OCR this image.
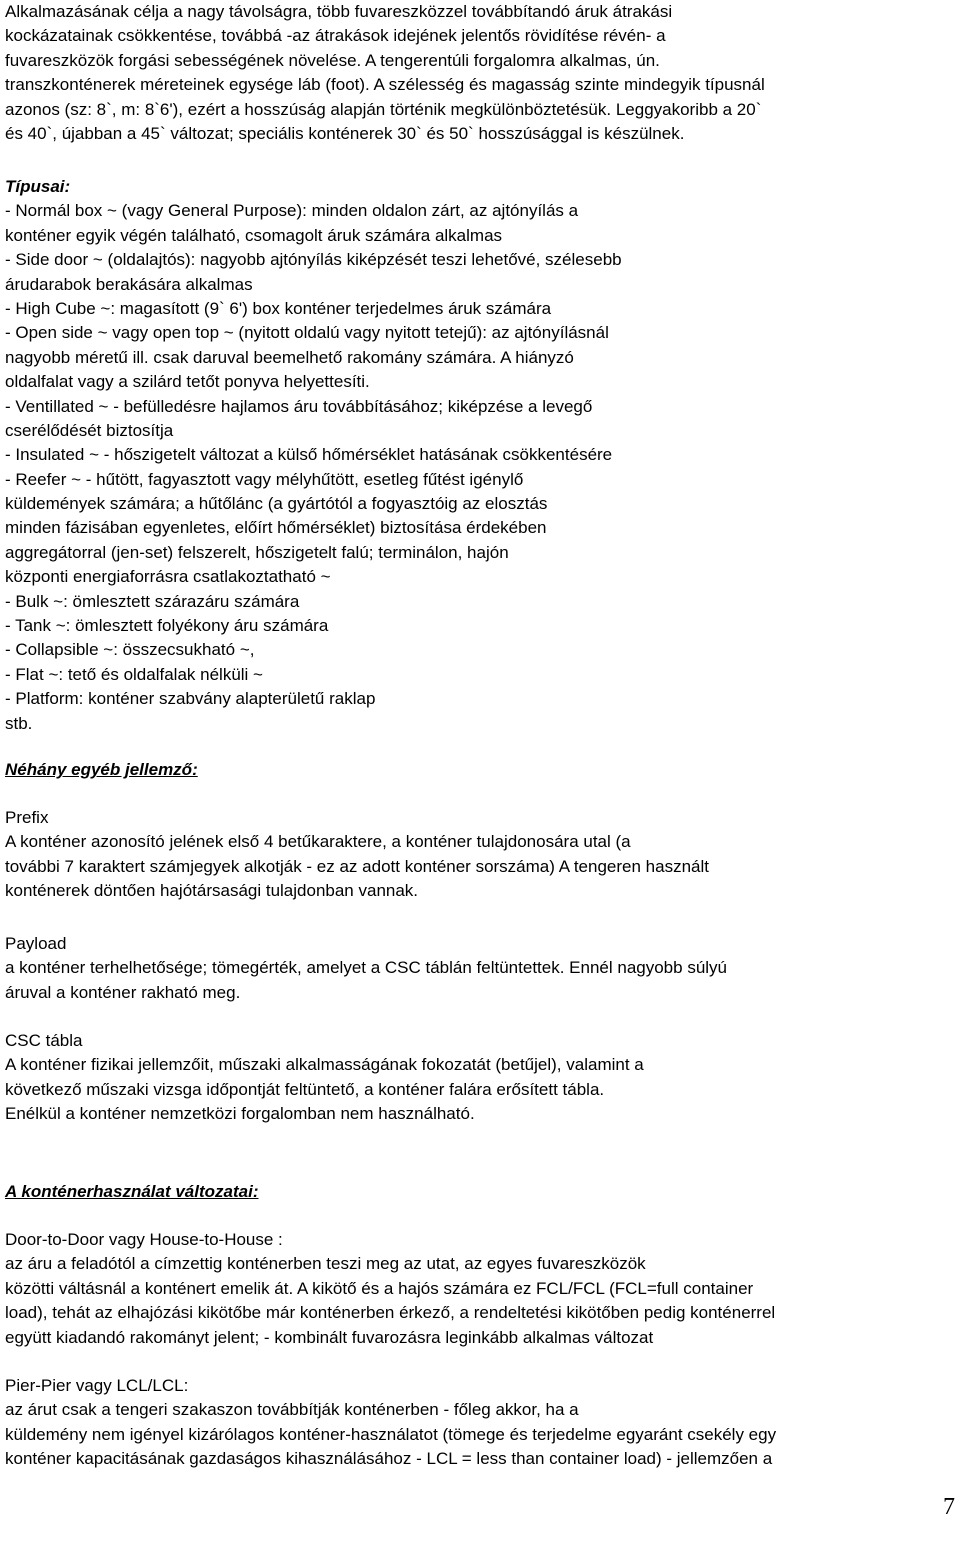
Alkalmazásának célja a nagy távolságra, több fuvareszközzel továbbítandó áruk átrakási
kockázatainak csökkentése, továbbá -az átrakások idejének jelentős rövidítése révén- a
fuvareszközök forgási sebességének növelése. A tengerentúli forgalomra alkalmas, ún.
transzkonténerek méreteinek egysége láb (foot). A szélesség és magasság szinte mindegyik típusnál
azonos (sz: 8`, m: 8`6'), ezért a hosszúság alapján történik megkülönböztetésük. Leggyakoribb a 20`
és 40`, újabban a 45` változat; speciális konténerek 30` és 50` hosszúsággal is készülnek.
Típusai:
- Normál box ~ (vagy General Purpose): minden oldalon zárt, az ajtónyílás a
konténer egyik végén található, csomagolt áruk számára alkalmas
- Side door ~ (oldalajtós): nagyobb ajtónyílás kiképzését teszi lehetővé, szélesebb
árudarabok berakására alkalmas
- High Cube ~: magasított (9` 6') box konténer terjedelmes áruk számára
- Open side ~ vagy open top ~ (nyitott oldalú vagy nyitott tetejű): az ajtónyílásnál
nagyobb méretű ill. csak daruval beemelhető rakomány számára. A hiányzó
oldalfalat vagy a szilárd tetőt ponyva helyettesíti.
- Ventillated ~ - befülledésre hajlamos áru továbbításához; kiképzése a levegő
cserélődését biztosítja
- Insulated ~ - hőszigetelt változat a külső hőmérséklet hatásának csökkentésére
- Reefer ~ - hűtött, fagyasztott vagy mélyhűtött, esetleg fűtést igénylő
küldemények számára; a hűtőlánc (a gyártótól a fogyasztóig az elosztás
minden fázisában egyenletes, előírt hőmérséklet) biztosítása érdekében
aggregátorral (jen-set) felszerelt, hőszigetelt falú; terminálon, hajón
központi energiaforrásra csatlakoztatható ~
- Bulk ~: ömlesztett szárazáru számára
- Tank ~: ömlesztett folyékony áru számára
- Collapsible ~: összecsukható ~,
- Flat ~: tető és oldalfalak nélküli ~
- Platform: konténer szabvány alapterületű raklap
stb.
Néhány egyéb jellemző:
Prefix
A konténer azonosító jelének első 4 betűkaraktere, a konténer tulajdonosára utal (a
további 7 karaktert számjegyek alkotják - ez az adott konténer sorszáma) A tengeren használt
konténerek döntően hajótársasági tulajdonban vannak.
Payload
a konténer terhelhetősége; tömegérték, amelyet a CSC táblán feltüntettek. Ennél nagyobb súlyú
áruval a konténer rakható meg.
CSC tábla
A konténer fizikai jellemzőit, műszaki alkalmasságának fokozatát (betűjel), valamint a
következő műszaki vizsga időpontját feltüntető, a konténer falára erősített tábla.
Enélkül a konténer nemzetközi forgalomban nem használható.
A konténerhasználat változatai:
Door-to-Door vagy House-to-House :
az áru a feladótól a címzettig konténerben teszi meg az utat, az egyes fuvareszközök
közötti váltásnál a konténert emelik át. A kikötő és a hajós számára ez FCL/FCL (FCL=full container
load), tehát az elhajózási kikötőbe már konténerben érkező, a rendeltetési kikötőben pedig konténerrel
együtt kiadandó rakományt jelent; - kombinált fuvarozásra leginkább alkalmas változat
Pier-Pier vagy LCL/LCL:
az árut csak a tengeri szakaszon továbbítják konténerben - főleg akkor, ha a
küldemény nem igényel kizárólagos konténer-használatot (tömege és terjedelme egyaránt csekély egy
konténer kapacitásának gazdaságos kihasználásához - LCL = less than container load) - jellemzően a
7
